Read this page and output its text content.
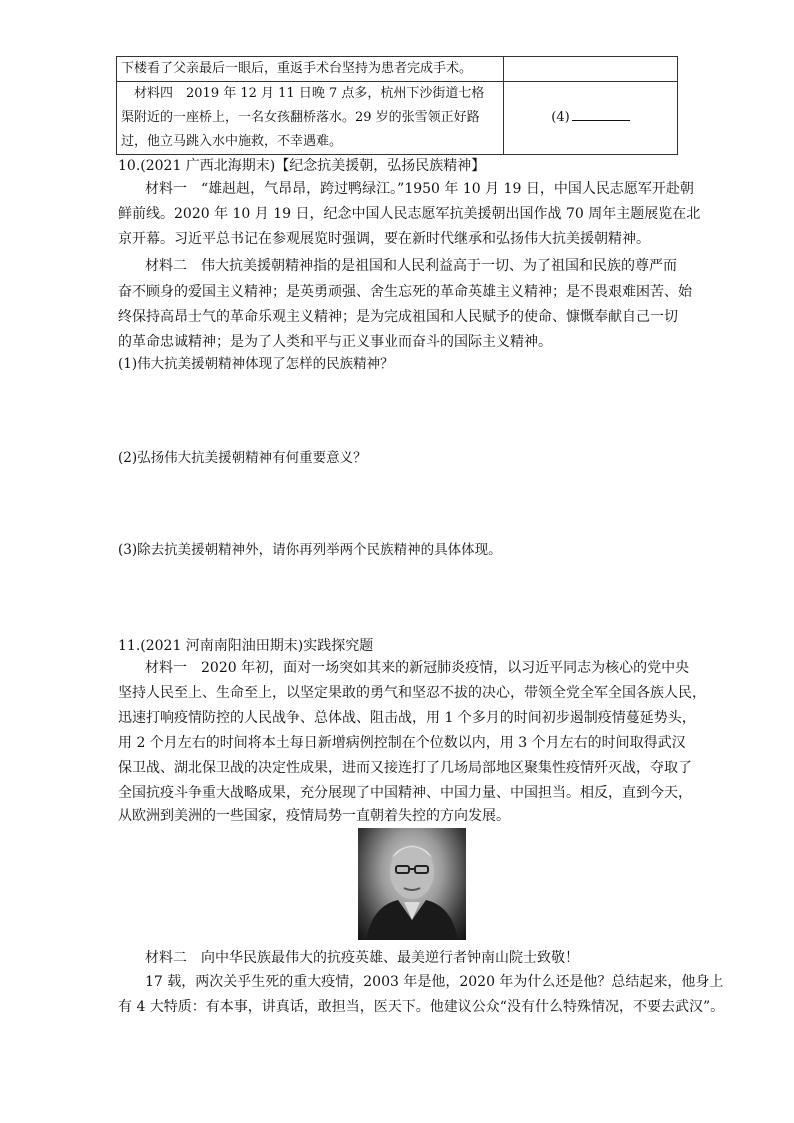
下楼看了父亲最后一眼后，重返手术台坚持为患者完成手术。	

　材料四　2019 年 12 月 11 日晚 7 点多，杭州下沙街道七格
渠附近的一座桥上，一名女孩翻桥落水。29 岁的张雪领正好路
过，他立马跳入水中施救，不幸遇难。	(4)
10.(2021 广西北海期末)【纪念抗美援朝，弘扬民族精神】
材料一　“雄赳赳，气昂昂，跨过鸭绿江。”1950 年 10 月 19 日，中国人民志愿军开赴朝
鲜前线。2020 年 10 月 19 日，纪念中国人民志愿军抗美援朝出国作战 70 周年主题展览在北
京开幕。习近平总书记在参观展览时强调，要在新时代继承和弘扬伟大抗美援朝精神。
材料二　伟大抗美援朝精神指的是祖国和人民利益高于一切、为了祖国和民族的尊严而
奋不顾身的爱国主义精神；是英勇顽强、舍生忘死的革命英雄主义精神；是不畏艰难困苦、始
终保持高昂士气的革命乐观主义精神；是为完成祖国和人民赋予的使命、慷慨奉献自己一切
的革命忠诚精神；是为了人类和平与正义事业而奋斗的国际主义精神。
(1)伟大抗美援朝精神体现了怎样的民族精神？
(2)弘扬伟大抗美援朝精神有何重要意义？
(3)除去抗美援朝精神外，请你再列举两个民族精神的具体体现。
11.(2021 河南南阳油田期末)实践探究题
材料一　2020 年初，面对一场突如其来的新冠肺炎疫情，以习近平同志为核心的党中央
坚持人民至上、生命至上，以坚定果敢的勇气和坚忍不拔的决心，带领全党全军全国各族人民，
迅速打响疫情防控的人民战争、总体战、阻击战，用 1 个多月的时间初步遏制疫情蔓延势头，
用 2 个月左右的时间将本土每日新增病例控制在个位数以内，用 3 个月左右的时间取得武汉
保卫战、湖北保卫战的决定性成果，进而又接连打了几场局部地区聚集性疫情歼灭战，夺取了
全国抗疫斗争重大战略成果，充分展现了中国精神、中国力量、中国担当。相反，直到今天，
从欧洲到美洲的一些国家，疫情局势一直朝着失控的方向发展。
材料二　向中华民族最伟大的抗疫英雄、最美逆行者钟南山院士致敬！
17 载，两次关乎生死的重大疫情，2003 年是他，2020 年为什么还是他？总结起来，他身上
有 4 大特质：有本事，讲真话，敢担当，医天下。他建议公众“没有什么特殊情况，不要去武汉”。
